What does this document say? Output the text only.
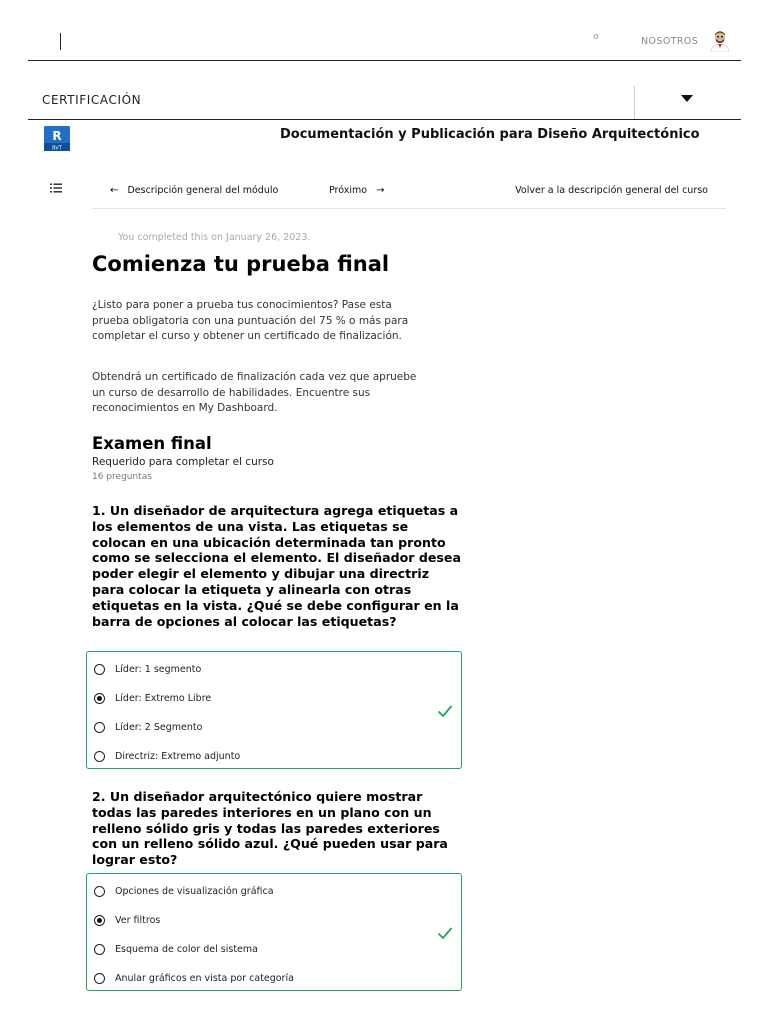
o	NOSOTROS
CERTIFICACIÓN
R
RVT
Documentación y Publicación para Diseño Arquitectónico
← Descripción general del módulo	Próximo →	Volver a la descripción general del curso
You completed this on January 26, 2023.
Comienza tu prueba final
¿Listo para poner a prueba tus conocimientos? Pase esta prueba obligatoria con una puntuación del 75 % o más para completar el curso y obtener un certificado de finalización.
Obtendrá un certificado de finalización cada vez que apruebe un curso de desarrollo de habilidades. Encuentre sus reconocimientos en My Dashboard.
Examen final
Requerido para completar el curso
16 preguntas
1. Un diseñador de arquitectura agrega etiquetas a los elementos de una vista. Las etiquetas se colocan en una ubicación determinada tan pronto como se selecciona el elemento. El diseñador desea poder elegir el elemento y dibujar una directriz para colocar la etiqueta y alinearla con otras etiquetas en la vista. ¿Qué se debe configurar en la barra de opciones al colocar las etiquetas?
Líder: 1 segmento
Líder: Extremo Libre
Líder: 2 Segmento
Directriz: Extremo adjunto
2. Un diseñador arquitectónico quiere mostrar todas las paredes interiores en un plano con un relleno sólido gris y todas las paredes exteriores con un relleno sólido azul. ¿Qué pueden usar para lograr esto?
Opciones de visualización gráfica
Ver filtros
Esquema de color del sistema
Anular gráficos en vista por categoría
